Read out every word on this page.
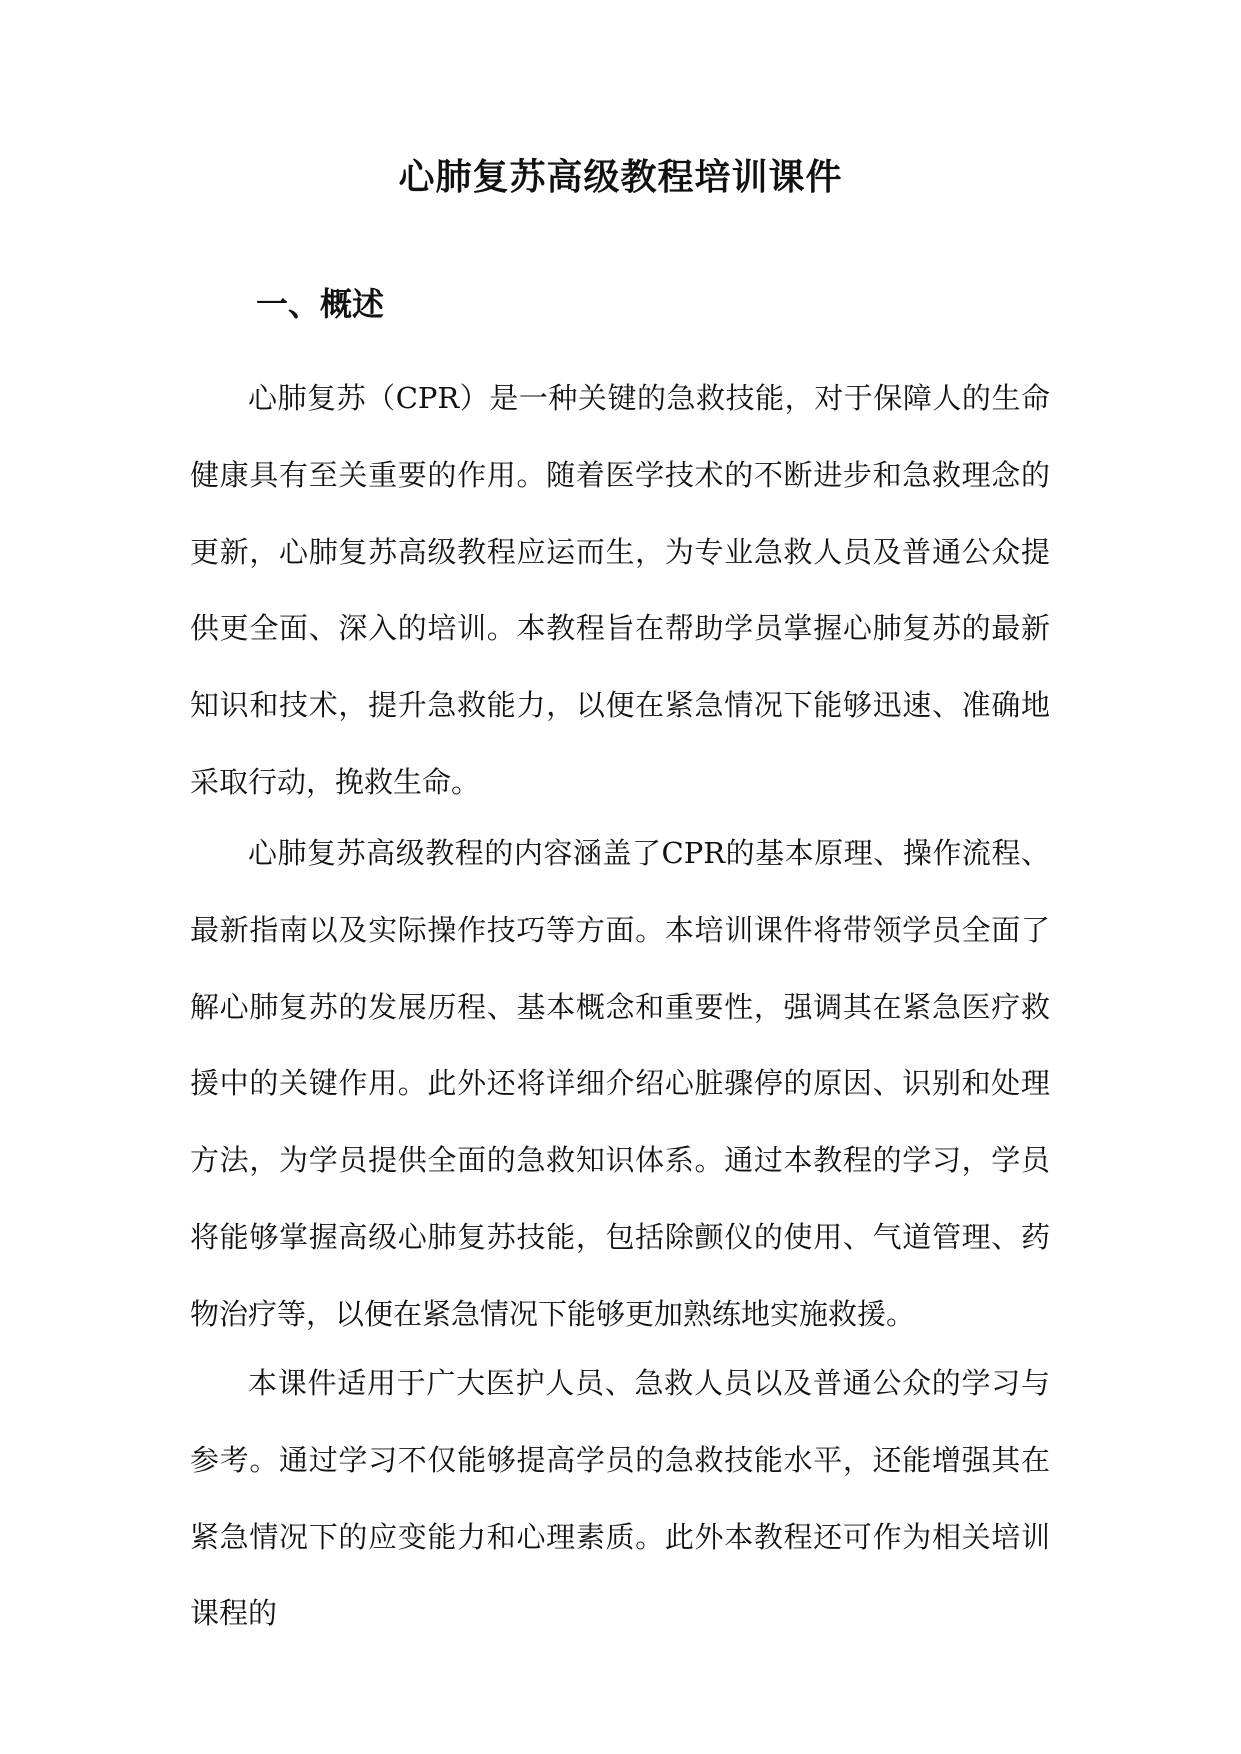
心肺复苏高级教程培训课件
一、概述

心肺复苏（CPR）是一种关键的急救技能，对于保障人的生命健康具有至关重要的作用。随着医学技术的不断进步和急救理念的更新，心肺复苏高级教程应运而生，为专业急救人员及普通公众提供更全面、深入的培训。本教程旨在帮助学员掌握心肺复苏的最新知识和技术，提升急救能力，以便在紧急情况下能够迅速、准确地采取行动，挽救生命。

心肺复苏高级教程的内容涵盖了CPR的基本原理、操作流程、最新指南以及实际操作技巧等方面。本培训课件将带领学员全面了解心肺复苏的发展历程、基本概念和重要性，强调其在紧急医疗救援中的关键作用。此外还将详细介绍心脏骤停的原因、识别和处理方法，为学员提供全面的急救知识体系。通过本教程的学习，学员将能够掌握高级心肺复苏技能，包括除颤仪的使用、气道管理、药物治疗等，以便在紧急情况下能够更加熟练地实施救援。

本课件适用于广大医护人员、急救人员以及普通公众的学习与参考。通过学习不仅能够提高学员的急救技能水平，还能增强其在紧急情况下的应变能力和心理素质。此外本教程还可作为相关培训课程的
